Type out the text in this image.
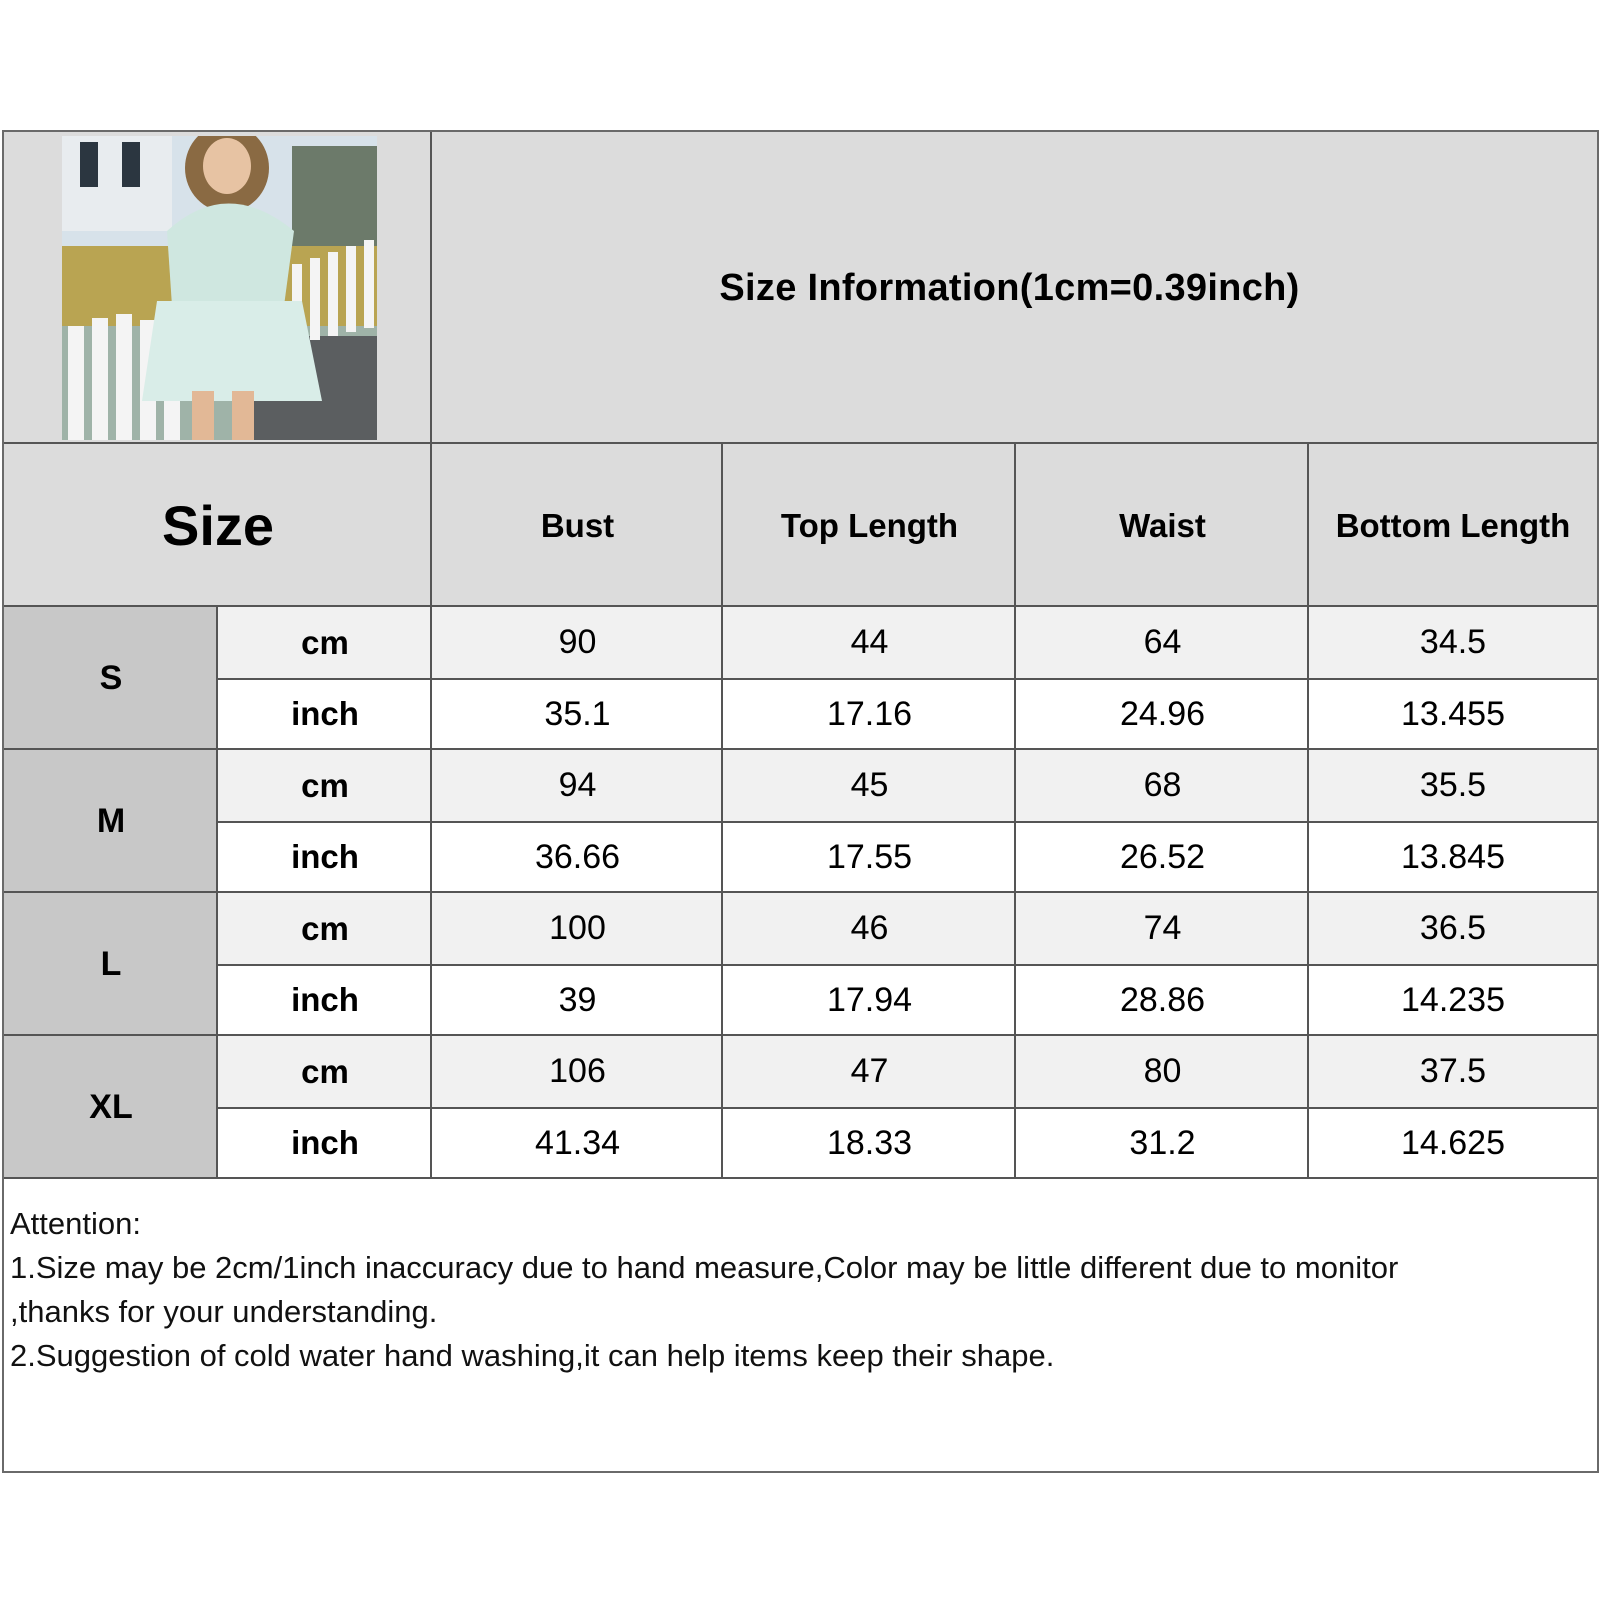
Size Information(1cm=0.39inch)
Size	Bust	Top Length	Waist	Bottom Length
S
cm	90	44	64	34.5
inch	35.1	17.16	24.96	13.455
M
cm	94	45	68	35.5
inch	36.66	17.55	26.52	13.845
L
cm	100	46	74	36.5
inch	39	17.94	28.86	14.235
XL
cm	106	47	80	37.5
inch	41.34	18.33	31.2	14.625
Attention:
1.Size may be 2cm/1inch inaccuracy due to hand measure,Color may be little different due to monitor
,thanks for your understanding.
2.Suggestion of cold water hand washing,it can help items keep their shape.
